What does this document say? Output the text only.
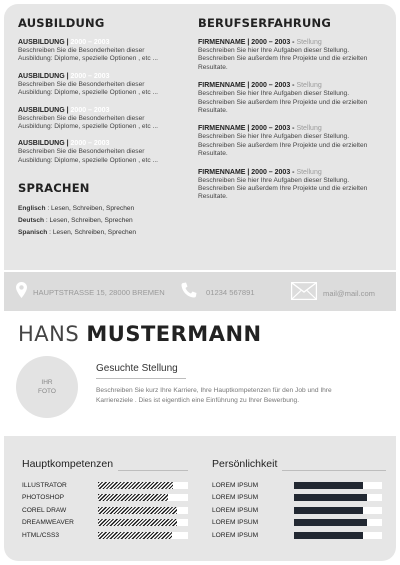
AUSBILDUNG
AUSBILDUNG | 2000 – 2003
Beschreiben Sie die Besonderheiten dieser
Ausbildung: Diplome, spezielle Optionen , etc ...
AUSBILDUNG | 2000 – 2003
Beschreiben Sie die Besonderheiten dieser
Ausbildung: Diplome, spezielle Optionen , etc ...
AUSBILDUNG | 2000 – 2003
Beschreiben Sie die Besonderheiten dieser
Ausbildung: Diplome, spezielle Optionen , etc ...
AUSBILDUNG | 2000 – 2003
Beschreiben Sie die Besonderheiten dieser
Ausbildung: Diplome, spezielle Optionen , etc ...
SPRACHEN
Englisch : Lesen, Schreiben, Sprechen
Deutsch : Lesen, Schreiben, Sprechen
Spanisch : Lesen, Schreiben, Sprechen
BERUFSERFAHRUNG
FIRMENNAME | 2000 – 2003 - Stellung
Beschreiben Sie hier Ihre Aufgaben dieser Stellung.
Beschreiben Sie außerdem Ihre Projekte und die erzielten
Resultate.
FIRMENNAME | 2000 – 2003 - Stellung
Beschreiben Sie hier Ihre Aufgaben dieser Stellung.
Beschreiben Sie außerdem Ihre Projekte und die erzielten
Resultate.
FIRMENNAME | 2000 – 2003 - Stellung
Beschreiben Sie hier Ihre Aufgaben dieser Stellung.
Beschreiben Sie außerdem Ihre Projekte und die erzielten
Resultate.
FIRMENNAME | 2000 – 2003 - Stellung
Beschreiben Sie hier Ihre Aufgaben dieser Stellung.
Beschreiben Sie außerdem Ihre Projekte und die erzielten
Resultate.
HAUPTSTRASSE 15, 28000 BREMEN	01234 567891	mail@mail.com
HANS MUSTERMANN
IHR
FOTO
Gesuchte Stellung
Beschreiben Sie kurz Ihre Karriere, Ihre Hauptkompetenzen für den Job und Ihre
Karriereziele . Dies ist eigentlich eine Einführung zu Ihrer Bewerbung.
Hauptkompetenzen
ILLUSTRATOR
PHOTOSHOP
COREL DRAW
DREAMWEAVER
HTML/CSS3
Persönlichkeit
LOREM IPSUM
LOREM IPSUM
LOREM IPSUM
LOREM IPSUM
LOREM IPSUM
